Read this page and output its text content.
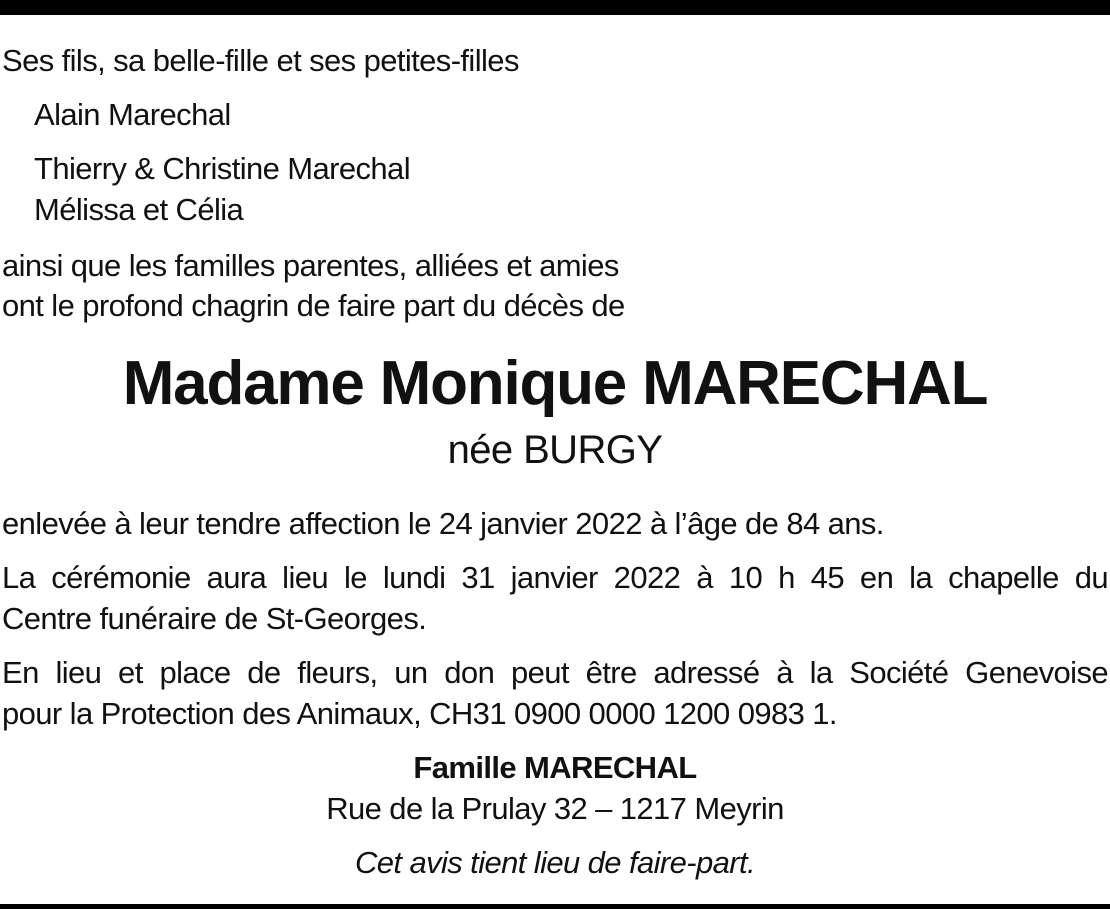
Ses fils, sa belle-fille et ses petites-filles
Alain Marechal
Thierry & Christine Marechal
Mélissa et Célia
ainsi que les familles parentes, alliées et amies
ont le profond chagrin de faire part du décès de
Madame Monique MARECHAL
née BURGY
enlevée à leur tendre affection le 24 janvier 2022 à l’âge de 84 ans.
La cérémonie aura lieu le lundi 31 janvier 2022 à 10 h 45 en la chapelle du
Centre funéraire de St-Georges.
En lieu et place de fleurs, un don peut être adressé à la Société Genevoise
pour la Protection des Animaux, CH31 0900 0000 1200 0983 1.
Famille MARECHAL
Rue de la Prulay 32 – 1217 Meyrin
Cet avis tient lieu de faire-part.
